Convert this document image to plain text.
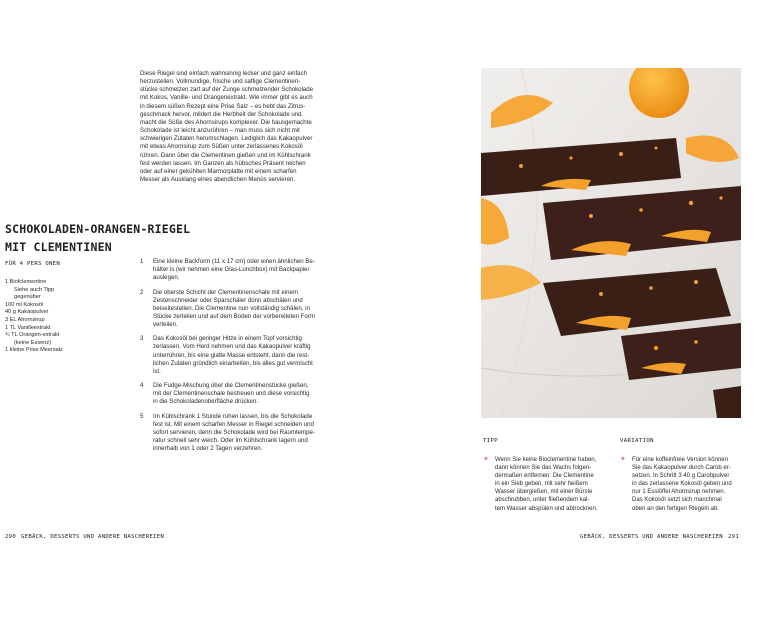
Diese Riegel sind einfach wahnsinnig lecker und ganz einfach

herzustellen. Vollmundige, frische und saftige Clementinen-

stücke schmelzen zart auf der Zunge schmelzender Schokolade

mit Kokos, Vanille- und Orangenextrakt. Wie immer gibt es auch

in diesem süßen Rezept eine Prise Salz – es hebt das Zitrus-

geschmack hervor, mildert die Herbheit der Schokolade und

macht die Süße des Ahornsirups komplexer. Die hausgemachte

Schokolade ist leicht anzurühren – man muss sich nicht mit

schwierigen Zutaten herumschlagen. Lediglich das Kakaopulver

mit etwas Ahornsirup zum Süßen unter zerlassenes Kokosöl

rühren. Dann über die Clementinen gießen und im Kühlschrank

fest werden lassen. Im Ganzen als hübsches Präsent reichen

oder auf einer gekühlten Marmorplatte mit einem scharfen

Messer als Ausklang eines abendlichen Menüs servieren.

SCHOKOLADEN-ORANGEN-RIEGEL
MIT CLEMENTINEN
FÜR 4 PERS ONEN
1 Biofclementine
Siehe auch Tipp gegenüber
100 ml Kokosöl
40 g Kakaopulver
3 EL Ahornsirup
1 TL Vanilleextrakt
¾ TL Orangen-extrakt (keine Essenz)
1 kleine Prise Meersalz
1 Eine kleine Backform (11 x 17 cm) oder einen ähnlichen Be-
hälter is (wir nehmen eine Glas-Lunchbox) mit Backpapier
auslegen.
2 Die oberste Schicht der Clementinenschale mit einem
Zestenschneider oder Sparschäler dünn abschälen und
beiseitestellen. Die Clementine nun vollständig schälen, in
Stücke zerteilen und auf dem Boden der vorbereiteten Form
verteilen.
3 Das Kokosöl bei geringer Hitze in einem Topf vorsichtig
zerlassen. Vom Herd nehmen und das Kakaopulver kräftig
unterrühren, bis eine glatte Masse entsteht, dann die rest-
lichen Zutaten gründlich einarbeiten, bis alles gut vermischt
ist.
4 Die Fudge-Mischung über die Clementinenstücke gießen,
mit der Clementinenschale bestreuen und diese vorsichtig
in die Schokoladenoberfläche drücken.
5 Im Kühlschrank 1 Stunde ruhen lassen, bis die Schokolade
fest ist. Mit einem scharfen Messer in Riegel schneiden und
sofort servieren, denn die Schokolade wird bei Raumtempe-
ratur schnell sehr weich. Oder im Kühlschrank lagern und
innerhalb von 1 oder 2 Tagen verzehren.
290 GEBÄCK, DESSERTS UND ANDERE NASCHEREIEN	GEBÄCK, DESSERTS UND ANDERE NASCHEREIEN 291
TIPP
✦ Wenn Sie keine Bioclementine haben,
dann können Sie das Wachs folgen-
dermaßen entfernen: Die Clementine
in ein Sieb geben, mit sehr heißem
Wasser übergießen, mit einer Bürste
abschrubben, unter fließendem kal-
tem Wasser abspülen und abtrocknen.
VARIATION
✦ Für eine koffeinfreie Version können
Sie das Kakaopulver durch Carob er-
setzen. In Schritt 3 40 g Carobpulver
in das zerlassene Kokosöl geben und
nur 1 Esslöffel Ahornsirup nehmen.
Das Kokosöl setzt sich manchmal
oben an den fertigen Riegeln ab.
